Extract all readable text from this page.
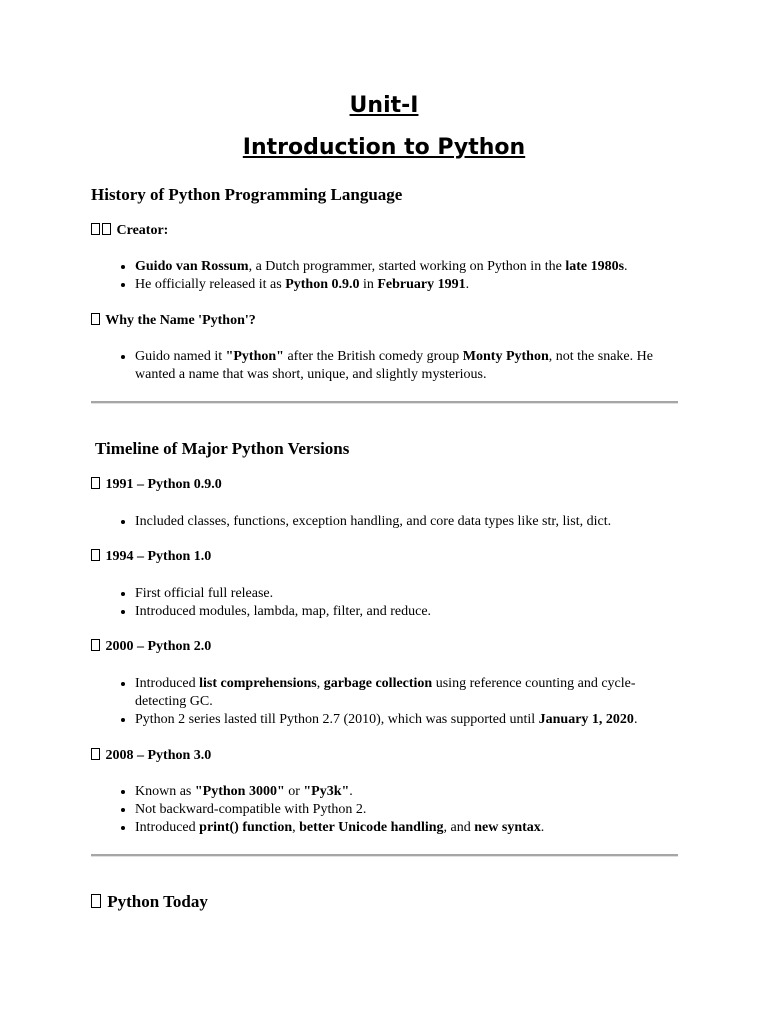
Unit-I
Introduction to Python
History of Python Programming Language
Creator:
• Guido van Rossum, a Dutch programmer, started working on Python in the late 1980s.
• He officially released it as Python 0.9.0 in February 1991.
Why the Name 'Python'?
• Guido named it "Python" after the British comedy group Monty Python, not the snake. He wanted a name that was short, unique, and slightly mysterious.
Timeline of Major Python Versions
1991 – Python 0.9.0
• Included classes, functions, exception handling, and core data types like str, list, dict.
1994 – Python 1.0
• First official full release.
• Introduced modules, lambda, map, filter, and reduce.
2000 – Python 2.0
• Introduced list comprehensions, garbage collection using reference counting and cycle-detecting GC.
• Python 2 series lasted till Python 2.7 (2010), which was supported until January 1, 2020.
2008 – Python 3.0
• Known as "Python 3000" or "Py3k".
• Not backward-compatible with Python 2.
• Introduced print() function, better Unicode handling, and new syntax.
Python Today
